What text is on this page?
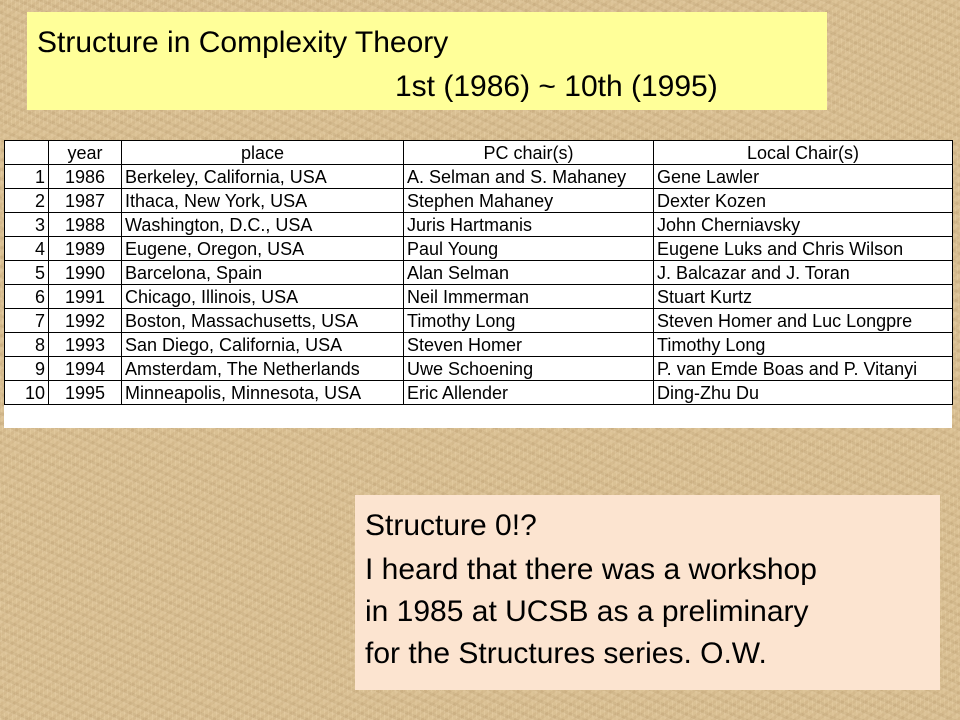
Structure in Complexity Theory
1st (1986) ~ 10th (1995)
	year	place	PC chair(s)	Local Chair(s)
1	1986	Berkeley, California, USA	A. Selman and S. Mahaney	Gene Lawler
2	1987	Ithaca, New York, USA	Stephen Mahaney	Dexter Kozen
3	1988	Washington, D.C., USA	Juris Hartmanis	John Cherniavsky
4	1989	Eugene, Oregon, USA	Paul Young	Eugene Luks and Chris Wilson
5	1990	Barcelona, Spain	Alan Selman	J. Balcazar and J. Toran
6	1991	Chicago, Illinois, USA	Neil Immerman	Stuart Kurtz
7	1992	Boston, Massachusetts, USA	Timothy Long	Steven Homer and Luc Longpre
8	1993	San Diego, California, USA	Steven Homer	Timothy Long
9	1994	Amsterdam, The Netherlands	Uwe Schoening	P. van Emde Boas and P. Vitanyi
10	1995	Minneapolis, Minnesota, USA	Eric Allender	Ding-Zhu Du
Structure 0!?
I heard that there was a workshop
in 1985 at UCSB as a preliminary
for the Structures series. O.W.
